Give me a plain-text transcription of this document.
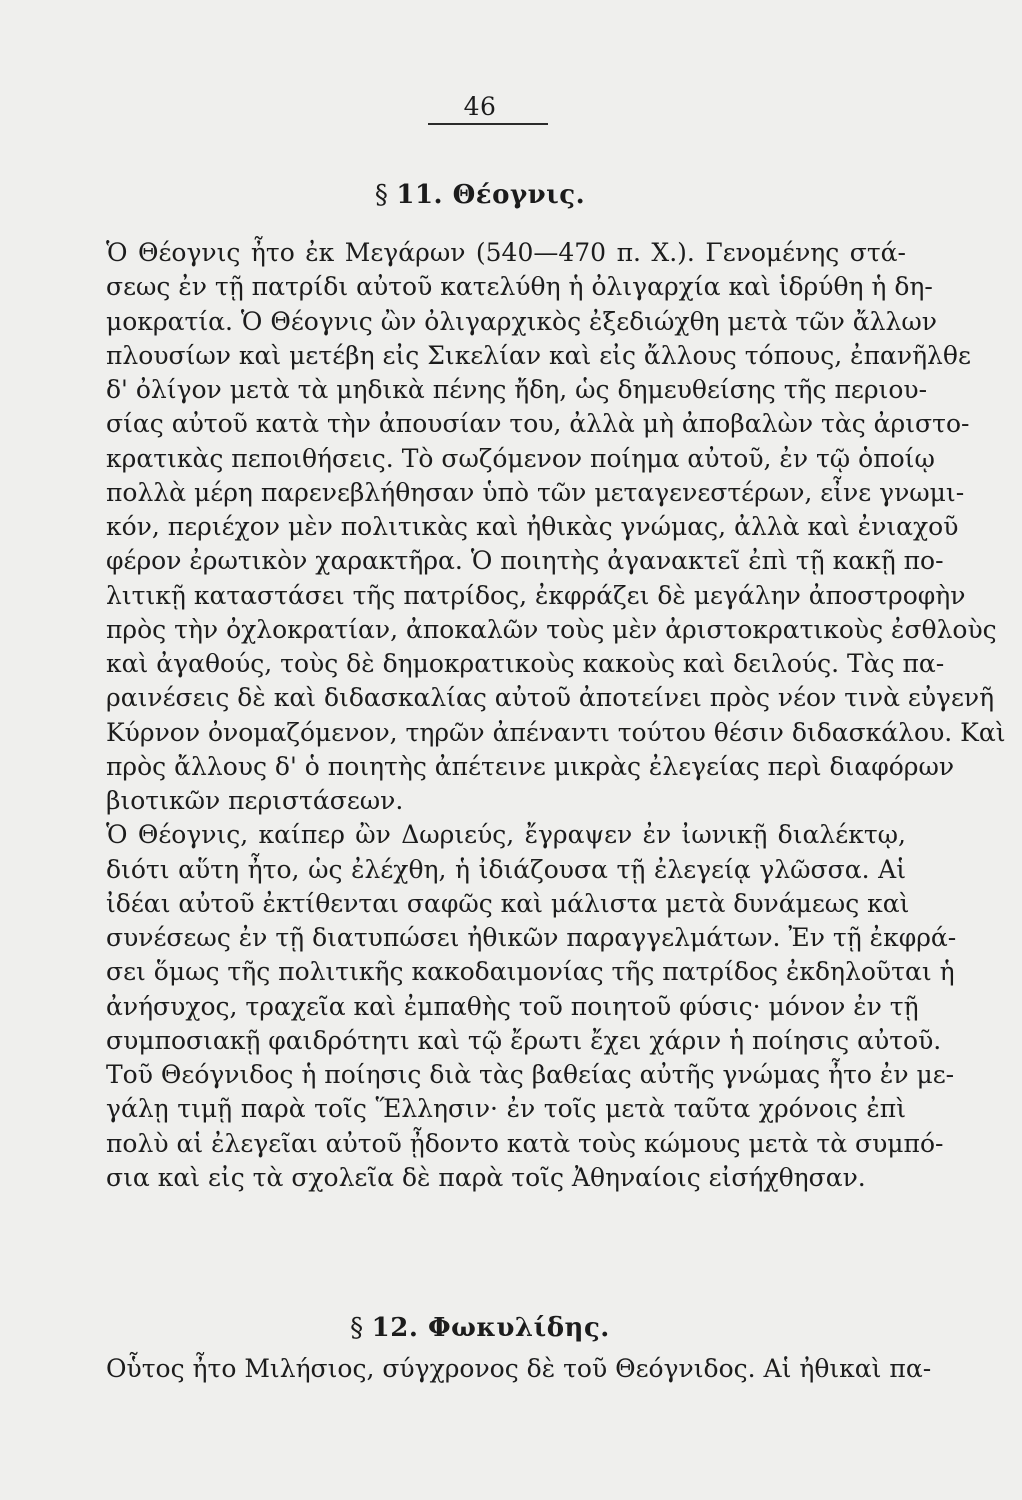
46
§ 11. Θέογνις.
Ὁ Θέογνις ἦτο ἐκ Μεγάρων (540—470 π. Χ.). Γενομένης στά-
σεως ἐν τῇ πατρίδι αὐτοῦ κατελύθη ἡ ὀλιγαρχία καὶ ἱδρύθη ἡ δη-
μοκρατία. Ὁ Θέογνις ὢν ὀλιγαρχικὸς ἐξεδιώχθη μετὰ τῶν ἄλλων
πλουσίων καὶ μετέβη εἰς Σικελίαν καὶ εἰς ἄλλους τόπους, ἐπανῆλθε
δ' ὀλίγον μετὰ τὰ μηδικὰ πένης ἤδη, ὡς δημευθείσης τῆς περιου-
σίας αὐτοῦ κατὰ τὴν ἀπουσίαν του, ἀλλὰ μὴ ἀποβαλὼν τὰς ἀριστο-
κρατικὰς πεποιθήσεις. Τὸ σωζόμενον ποίημα αὐτοῦ, ἐν τῷ ὁποίῳ
πολλὰ μέρη παρενεβλήθησαν ὑπὸ τῶν μεταγενεστέρων, εἶνε γνωμι-
κόν, περιέχον μὲν πολιτικὰς καὶ ἠθικὰς γνώμας, ἀλλὰ καὶ ἐνιαχοῦ
φέρον ἐρωτικὸν χαρακτῆρα. Ὁ ποιητὴς ἀγανακτεῖ ἐπὶ τῇ κακῇ πο-
λιτικῇ καταστάσει τῆς πατρίδος, ἐκφράζει δὲ μεγάλην ἀποστροφὴν
πρὸς τὴν ὀχλοκρατίαν, ἀποκαλῶν τοὺς μὲν ἀριστοκρατικοὺς ἐσθλοὺς
καὶ ἀγαθούς, τοὺς δὲ δημοκρατικοὺς κακοὺς καὶ δειλούς. Τὰς πα-
ραινέσεις δὲ καὶ διδασκαλίας αὐτοῦ ἀποτείνει πρὸς νέον τινὰ εὐγενῆ
Κύρνον ὀνομαζόμενον, τηρῶν ἀπέναντι τούτου θέσιν διδασκάλου. Καὶ
πρὸς ἄλλους δ' ὁ ποιητὴς ἀπέτεινε μικρὰς ἐλεγείας περὶ διαφόρων
βιοτικῶν περιστάσεων.
Ὁ Θέογνις, καίπερ ὢν Δωριεύς, ἔγραψεν ἐν ἰωνικῇ διαλέκτῳ,
διότι αὕτη ἦτο, ὡς ἐλέχθη, ἡ ἰδιάζουσα τῇ ἐλεγείᾳ γλῶσσα. Αἱ
ἰδέαι αὐτοῦ ἐκτίθενται σαφῶς καὶ μάλιστα μετὰ δυνάμεως καὶ
συνέσεως ἐν τῇ διατυπώσει ἠθικῶν παραγγελμάτων. Ἐν τῇ ἐκφρά-
σει ὅμως τῆς πολιτικῆς κακοδαιμονίας τῆς πατρίδος ἐκδηλοῦται ἡ
ἀνήσυχος, τραχεῖα καὶ ἐμπαθὴς τοῦ ποιητοῦ φύσις· μόνον ἐν τῇ
συμποσιακῇ φαιδρότητι καὶ τῷ ἔρωτι ἔχει χάριν ἡ ποίησις αὐτοῦ.
Τοῦ Θεόγνιδος ἡ ποίησις διὰ τὰς βαθείας αὐτῆς γνώμας ἦτο ἐν με-
γάλῃ τιμῇ παρὰ τοῖς Ἕλλησιν· ἐν τοῖς μετὰ ταῦτα χρόνοις ἐπὶ
πολὺ αἱ ἐλεγεῖαι αὐτοῦ ᾖδοντο κατὰ τοὺς κώμους μετὰ τὰ συμπό-
σια καὶ εἰς τὰ σχολεῖα δὲ παρὰ τοῖς Ἀθηναίοις εἰσήχθησαν.
§ 12. Φωκυλίδης.
Οὗτος ἦτο Μιλήσιος, σύγχρονος δὲ τοῦ Θεόγνιδος. Αἱ ἠθικαὶ πα-
